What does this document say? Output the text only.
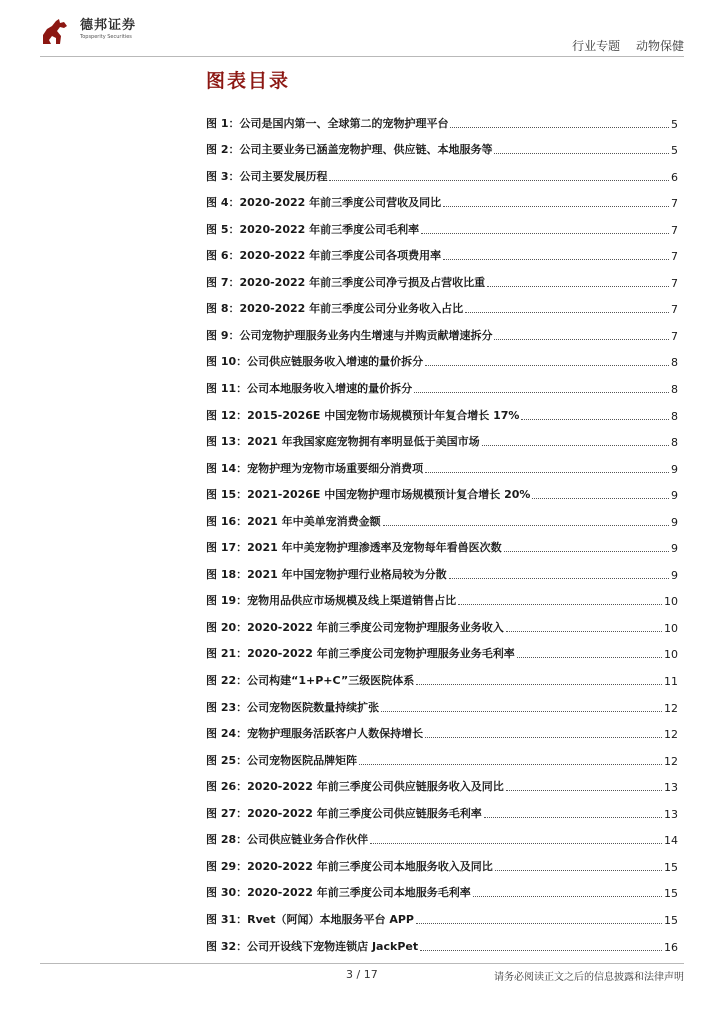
德邦证券
Topsperity Securities
行业专题 动物保健
图表目录
图 1： 公司是国内第一、全球第二的宠物护理平台	5
图 2： 公司主要业务已涵盖宠物护理、供应链、本地服务等	5
图 3： 公司主要发展历程	6
图 4： 2020-2022 年前三季度公司营收及同比	7
图 5： 2020-2022 年前三季度公司毛利率	7
图 6： 2020-2022 年前三季度公司各项费用率	7
图 7： 2020-2022 年前三季度公司净亏损及占营收比重	7
图 8： 2020-2022 年前三季度公司分业务收入占比	7
图 9： 公司宠物护理服务业务内生增速与并购贡献增速拆分	7
图 10： 公司供应链服务收入增速的量价拆分	8
图 11： 公司本地服务收入增速的量价拆分	8
图 12： 2015-2026E 中国宠物市场规模预计年复合增长 17%	8
图 13： 2021 年我国家庭宠物拥有率明显低于美国市场	8
图 14： 宠物护理为宠物市场重要细分消费项	9
图 15： 2021-2026E 中国宠物护理市场规模预计复合增长 20%	9
图 16： 2021 年中美单宠消费金额	9
图 17： 2021 年中美宠物护理渗透率及宠物每年看兽医次数	9
图 18： 2021 年中国宠物护理行业格局较为分散	9
图 19： 宠物用品供应市场规模及线上渠道销售占比	10
图 20： 2020-2022 年前三季度公司宠物护理服务业务收入	10
图 21： 2020-2022 年前三季度公司宠物护理服务业务毛利率	10
图 22： 公司构建“1+P+C”三级医院体系	11
图 23： 公司宠物医院数量持续扩张	12
图 24： 宠物护理服务活跃客户人数保持增长	12
图 25： 公司宠物医院品牌矩阵	12
图 26： 2020-2022 年前三季度公司供应链服务收入及同比	13
图 27： 2020-2022 年前三季度公司供应链服务毛利率	13
图 28： 公司供应链业务合作伙伴	14
图 29： 2020-2022 年前三季度公司本地服务收入及同比	15
图 30： 2020-2022 年前三季度公司本地服务毛利率	15
图 31： Rvet（阿闻）本地服务平台 APP	15
图 32： 公司开设线下宠物连锁店 JackPet	16
3 / 17	请务必阅读正文之后的信息披露和法律声明
